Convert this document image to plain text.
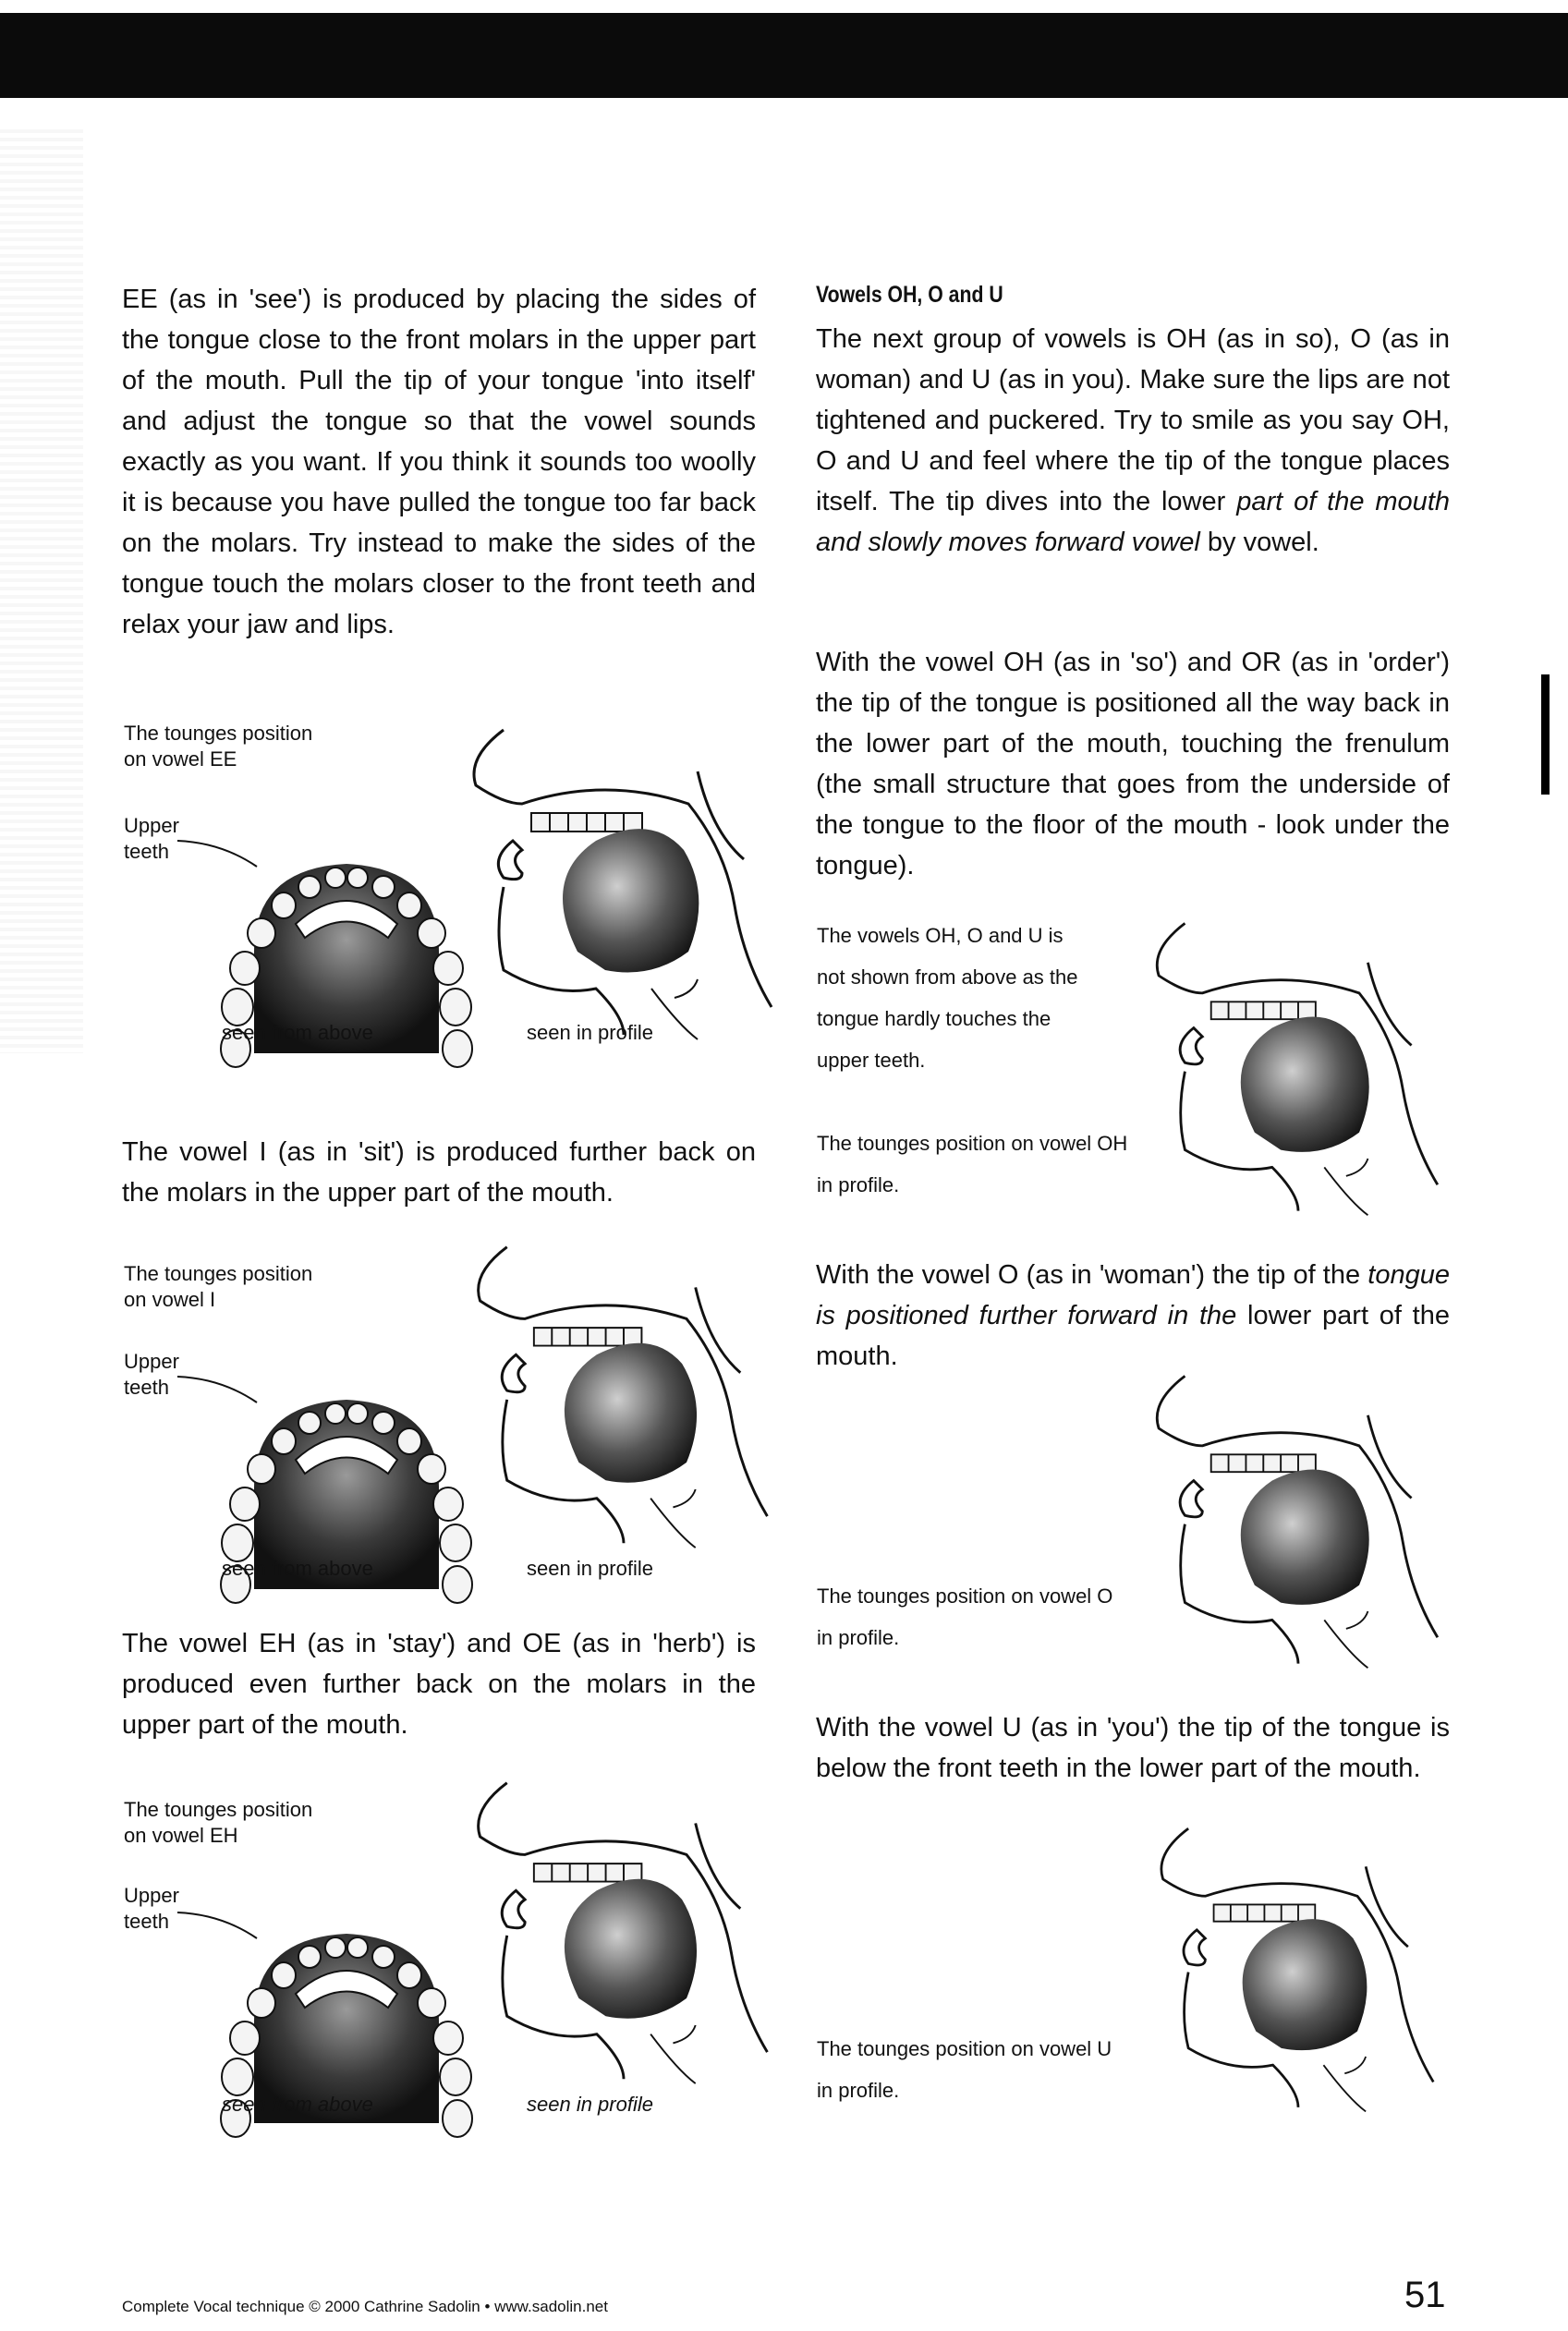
EE (as in 'see') is produced by placing the sides of the tongue close to the front molars in the upper part of the mouth. Pull the tip of your tongue 'into itself' and adjust the tongue so that the vowel sounds exactly as you want. If you think it sounds too woolly it is because you have pulled the tongue too far back on the molars. Try instead to make the sides of the tongue touch the molars closer to the front teeth and relax your jaw and lips.

The tounges position
on vowel EE
Upper
teeth
seen from above	seen in profile

The vowel I (as in 'sit') is produced further back on the molars in the upper part of the mouth.

The tounges position
on vowel I
Upper
teeth
seen from above	seen in profile

The vowel EH (as in 'stay') and OE (as in 'herb') is produced even further back on the molars in the upper part of the mouth.

The tounges position
on vowel EH
Upper
teeth
seen from above	seen in profile
Vowels OH, O and U

The next group of vowels is OH (as in so), O (as in woman) and U (as in you). Make sure the lips are not tightened and puckered. Try to smile as you say OH, O and U and feel where the tip of the tongue places itself. The tip dives into the lower part of the mouth and slowly moves forward vowel by vowel.

With the vowel OH (as in 'so') and OR (as in 'order') the tip of the tongue is positioned all the way back in the lower part of the mouth, touching the frenulum (the small structure that goes from the underside of the tongue to the floor of the mouth - look under the tongue).

The vowels OH, O and U is
not shown from above as the
tongue hardly touches the
upper teeth.
The tounges position on vowel OH
in profile.

With the vowel O (as in 'woman') the tip of the tongue is positioned further forward in the lower part of the mouth.

The tounges position on vowel O
in profile.

With the vowel U (as in 'you') the tip of the tongue is below the front teeth in the lower part of the mouth.

The tounges position on vowel U
in profile.
Complete Vocal technique © 2000 Cathrine Sadolin • www.sadolin.net	51
